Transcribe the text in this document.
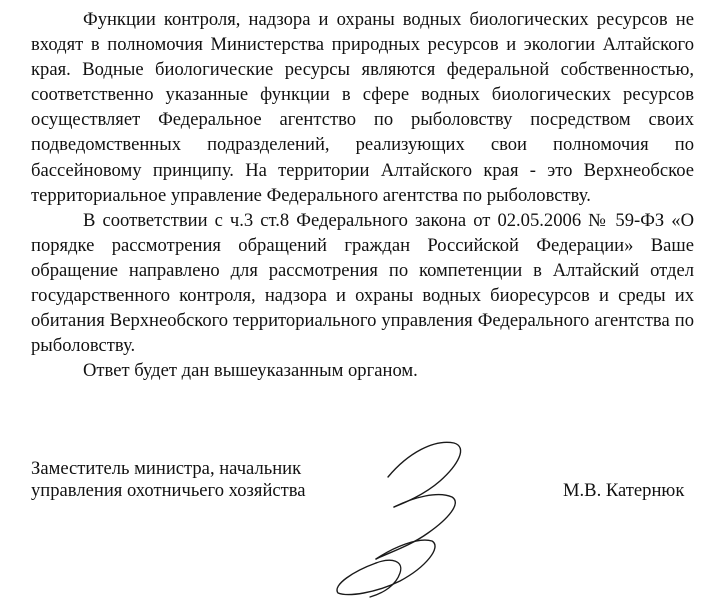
Функции контроля, надзора и охраны водных биологических ресурсов не входят в полномочия Министерства природных ресурсов и экологии Алтайского края. Водные биологические ресурсы являются федеральной собственностью, соответственно указанные функции в сфере водных биологических ресурсов осуществляет Федеральное агентство по рыболовству посредством своих подведомственных подразделений, реализующих свои полномочия по бассейновому принципу. На территории Алтайского края - это Верхнеобское территориальное управление Федерального агентства по рыболовству.

В соответствии с ч.3 ст.8 Федерального закона от 02.05.2006 № 59-ФЗ «О порядке рассмотрения обращений граждан Российской Федерации» Ваше обращение направлено для рассмотрения по компетенции в Алтайский отдел государственного контроля, надзора и охраны водных биоресурсов и среды их обитания Верхнеобского территориального управления Федерального агентства по рыболовству.

Ответ будет дан вышеуказанным органом.

Заместитель министра, начальник
управления охотничьего хозяйства	М.В. Катернюк
